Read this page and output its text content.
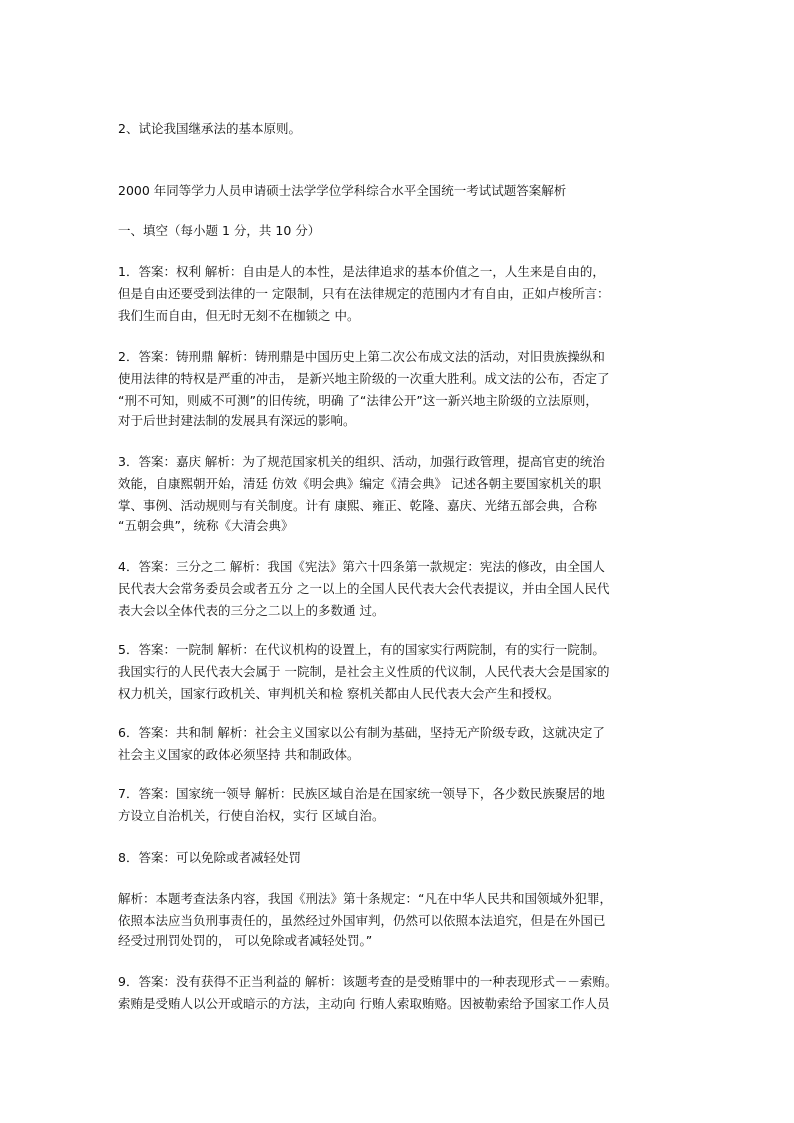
2、试论我国继承法的基本原则。
2000 年同等学力人员申请硕士法学学位学科综合水平全国统一考试试题答案解析
一、填空（每小题 1 分，共 10 分）
1．答案：权利 解析：自由是人的本性，是法律追求的基本价值之一，人生来是自由的，
但是自由还要受到法律的一 定限制，只有在法律规定的范围内才有自由，正如卢梭所言：
我们生而自由，但无时无刻不在枷锁之 中。
2．答案：铸刑鼎 解析：铸刑鼎是中国历史上第二次公布成文法的活动，对旧贵族操纵和
使用法律的特权是严重的冲击， 是新兴地主阶级的一次重大胜利。成文法的公布，否定了
“刑不可知，则威不可测”的旧传统，明确 了“法律公开”这一新兴地主阶级的立法原则，
对于后世封建法制的发展具有深远的影响。
3．答案：嘉庆 解析：为了规范国家机关的组织、活动，加强行政管理，提高官吏的统治
效能，自康熙朝开始，清廷 仿效《明会典》编定《清会典》 记述各朝主要国家机关的职
掌、事例、活动规则与有关制度。计有 康熙、雍正、乾隆、嘉庆、光绪五部会典，合称
“五朝会典”，统称《大清会典》
4．答案：三分之二 解析：我国《宪法》第六十四条第一款规定：宪法的修改，由全国人
民代表大会常务委员会或者五分 之一以上的全国人民代表大会代表提议，并由全国人民代
表大会以全体代表的三分之二以上的多数通 过。
5．答案：一院制 解析：在代议机构的设置上，有的国家实行两院制，有的实行一院制。
我国实行的人民代表大会属于 一院制，是社会主义性质的代议制，人民代表大会是国家的
权力机关，国家行政机关、审判机关和检 察机关都由人民代表大会产生和授权。
6．答案：共和制 解析：社会主义国家以公有制为基础，坚持无产阶级专政，这就决定了
社会主义国家的政体必须坚持 共和制政体。
7．答案：国家统一领导 解析：民族区域自治是在国家统一领导下，各少数民族聚居的地
方设立自治机关，行使自治权，实行 区域自治。
8．答案：可以免除或者减轻处罚
解析：本题考查法条内容，我国《刑法》第十条规定：“凡在中华人民共和国领域外犯罪，
依照本法应当负刑事责任的，虽然经过外国审判，仍然可以依照本法追究，但是在外国已
经受过刑罚处罚的， 可以免除或者减轻处罚。”
9．答案：没有获得不正当利益的 解析：该题考查的是受贿罪中的一种表现形式－－索贿。
索贿是受贿人以公开或暗示的方法，主动向 行贿人索取贿赂。因被勒索给予国家工作人员
